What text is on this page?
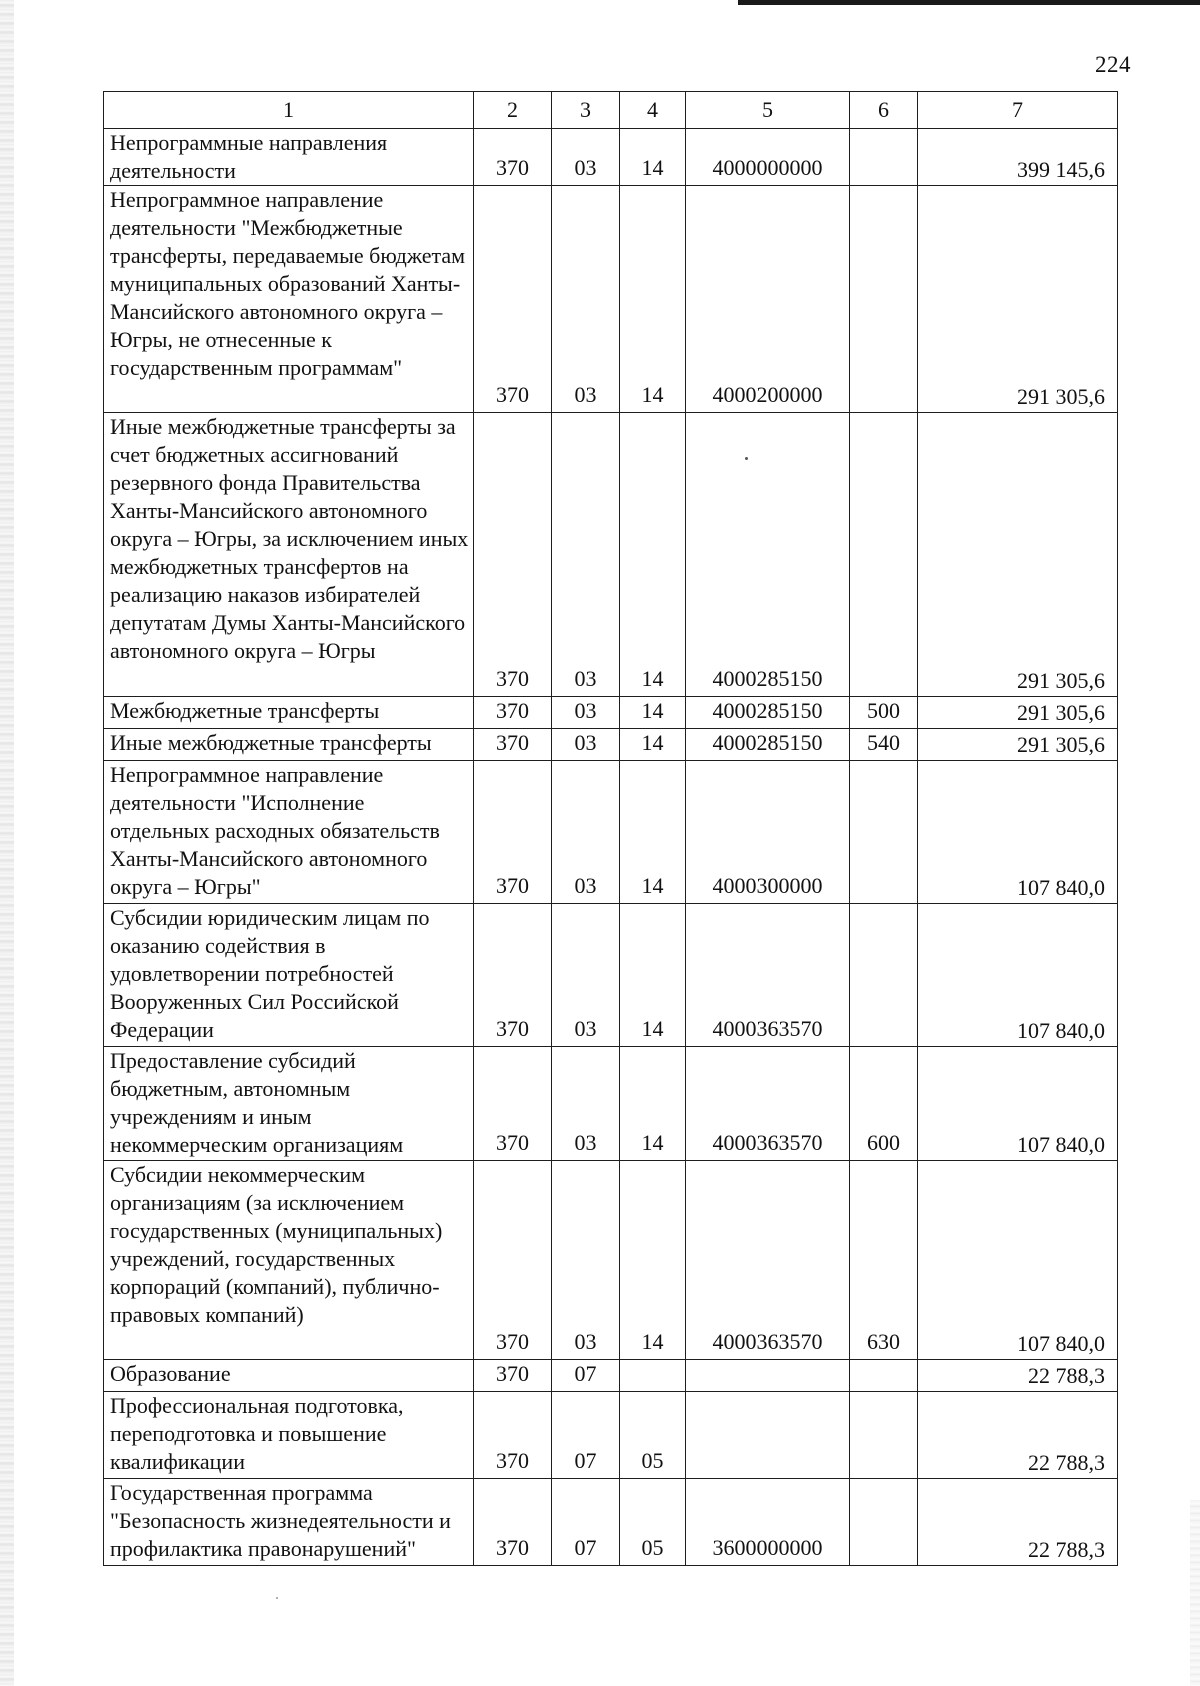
224
1	2	3	4	5	6	7
Непрограммные направления деятельности	370	03	14	4000000000		399 145,6
Непрограммное направление деятельности "Межбюджетные трансферты, передаваемые бюджетам муниципальных образований Ханты-Мансийского автономного округа – Югры, не отнесенные к государственным программам"	370	03	14	4000200000		291 305,6
Иные межбюджетные трансферты за счет бюджетных ассигнований резервного фонда Правительства Ханты-Мансийского автономного округа – Югры, за исключением иных межбюджетных трансфертов на реализацию наказов избирателей депутатам Думы Ханты-Мансийского автономного округа – Югры	370	03	14	4000285150		291 305,6
Межбюджетные трансферты	370	03	14	4000285150	500	291 305,6
Иные межбюджетные трансферты	370	03	14	4000285150	540	291 305,6
Непрограммное направление деятельности "Исполнение отдельных расходных обязательств Ханты-Мансийского автономного округа – Югры"	370	03	14	4000300000		107 840,0
Субсидии юридическим лицам по оказанию содействия в удовлетворении потребностей Вооруженных Сил Российской Федерации	370	03	14	4000363570		107 840,0
Предоставление субсидий бюджетным, автономным учреждениям и иным некоммерческим организациям	370	03	14	4000363570	600	107 840,0
Субсидии некоммерческим организациям (за исключением государственных (муниципальных) учреждений, государственных корпораций (компаний), публично-правовых компаний)	370	03	14	4000363570	630	107 840,0
Образование	370	07				22 788,3
Профессиональная подготовка, переподготовка и повышение квалификации	370	07	05			22 788,3
Государственная программа "Безопасность жизнедеятельности и профилактика правонарушений"	370	07	05	3600000000		22 788,3
